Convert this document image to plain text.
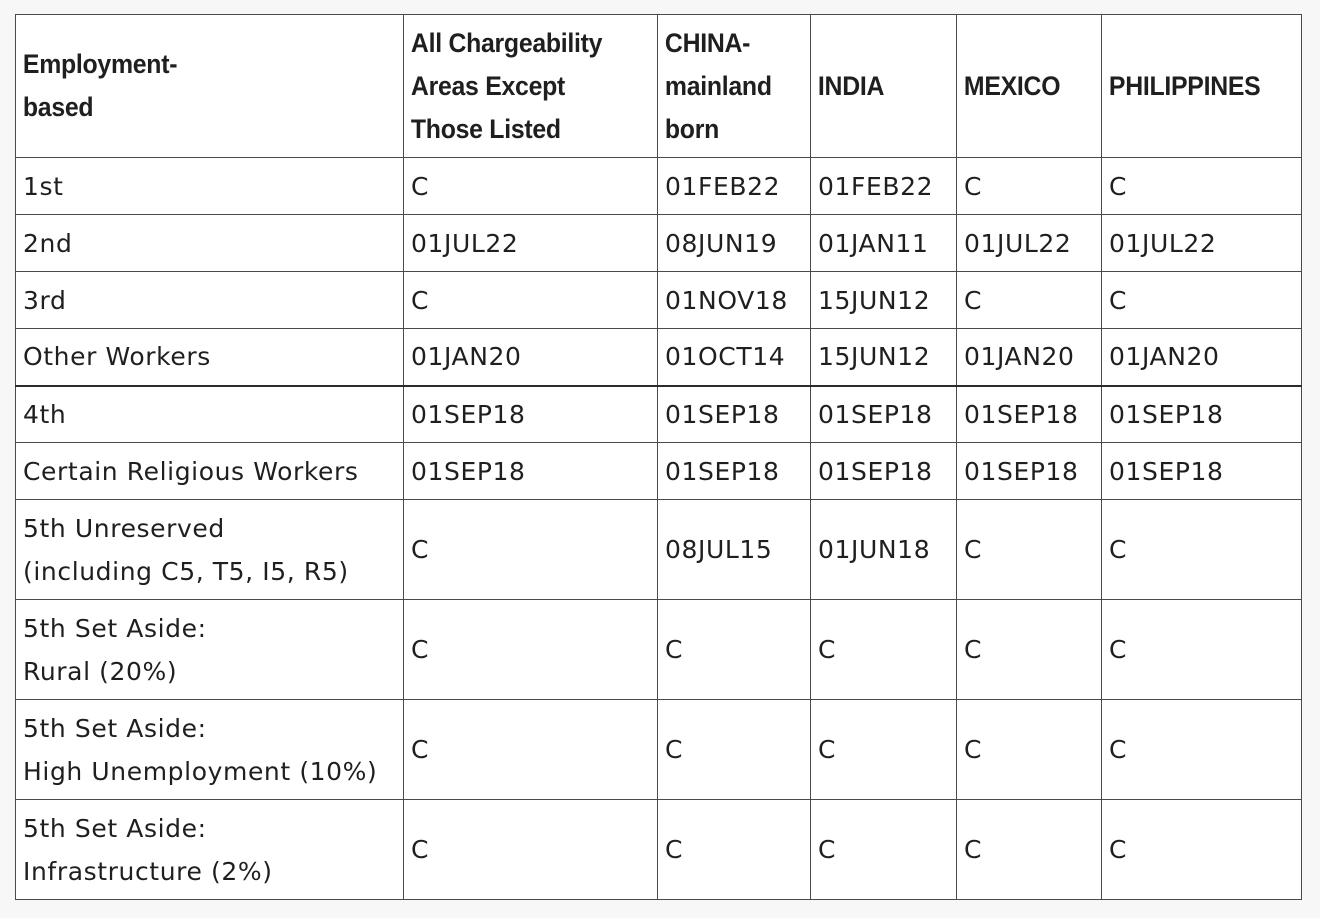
Employment-
based	All Chargeability
Areas Except
Those Listed	CHINA-
mainland
born	INDIA	MEXICO	PHILIPPINES

1st	C	01FEB22	01FEB22	C	C

2nd	01JUL22	08JUN19	01JAN11	01JUL22	01JUL22

3rd	C	01NOV18	15JUN12	C	C

Other Workers	01JAN20	01OCT14	15JUN12	01JAN20	01JAN20

4th	01SEP18	01SEP18	01SEP18	01SEP18	01SEP18

Certain Religious Workers	01SEP18	01SEP18	01SEP18	01SEP18	01SEP18

5th Unreserved
(including C5, T5, I5, R5)	C	08JUL15	01JUN18	C	C

5th Set Aside:
Rural (20%)	C	C	C	C	C

5th Set Aside:
High Unemployment (10%)	C	C	C	C	C

5th Set Aside:
Infrastructure (2%)	C	C	C	C	C
